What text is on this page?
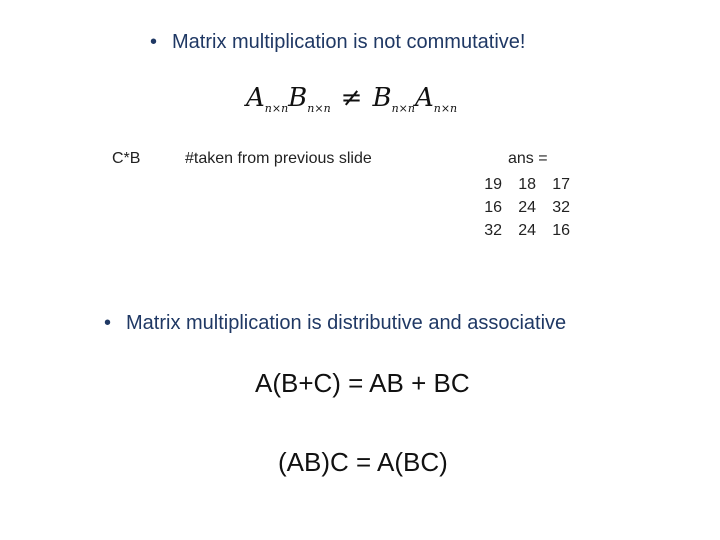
• Matrix multiplication is not commutative!
$A_{n\times n}B_{n\times n} \ne B_{n\times n}A_{n\times n}$
C*B	#taken from previous slide	ans =
19	18	17
16	24	32
32	24	16
• Matrix multiplication is distributive and associative
A(B+C) = AB + BC
(AB)C = A(BC)
